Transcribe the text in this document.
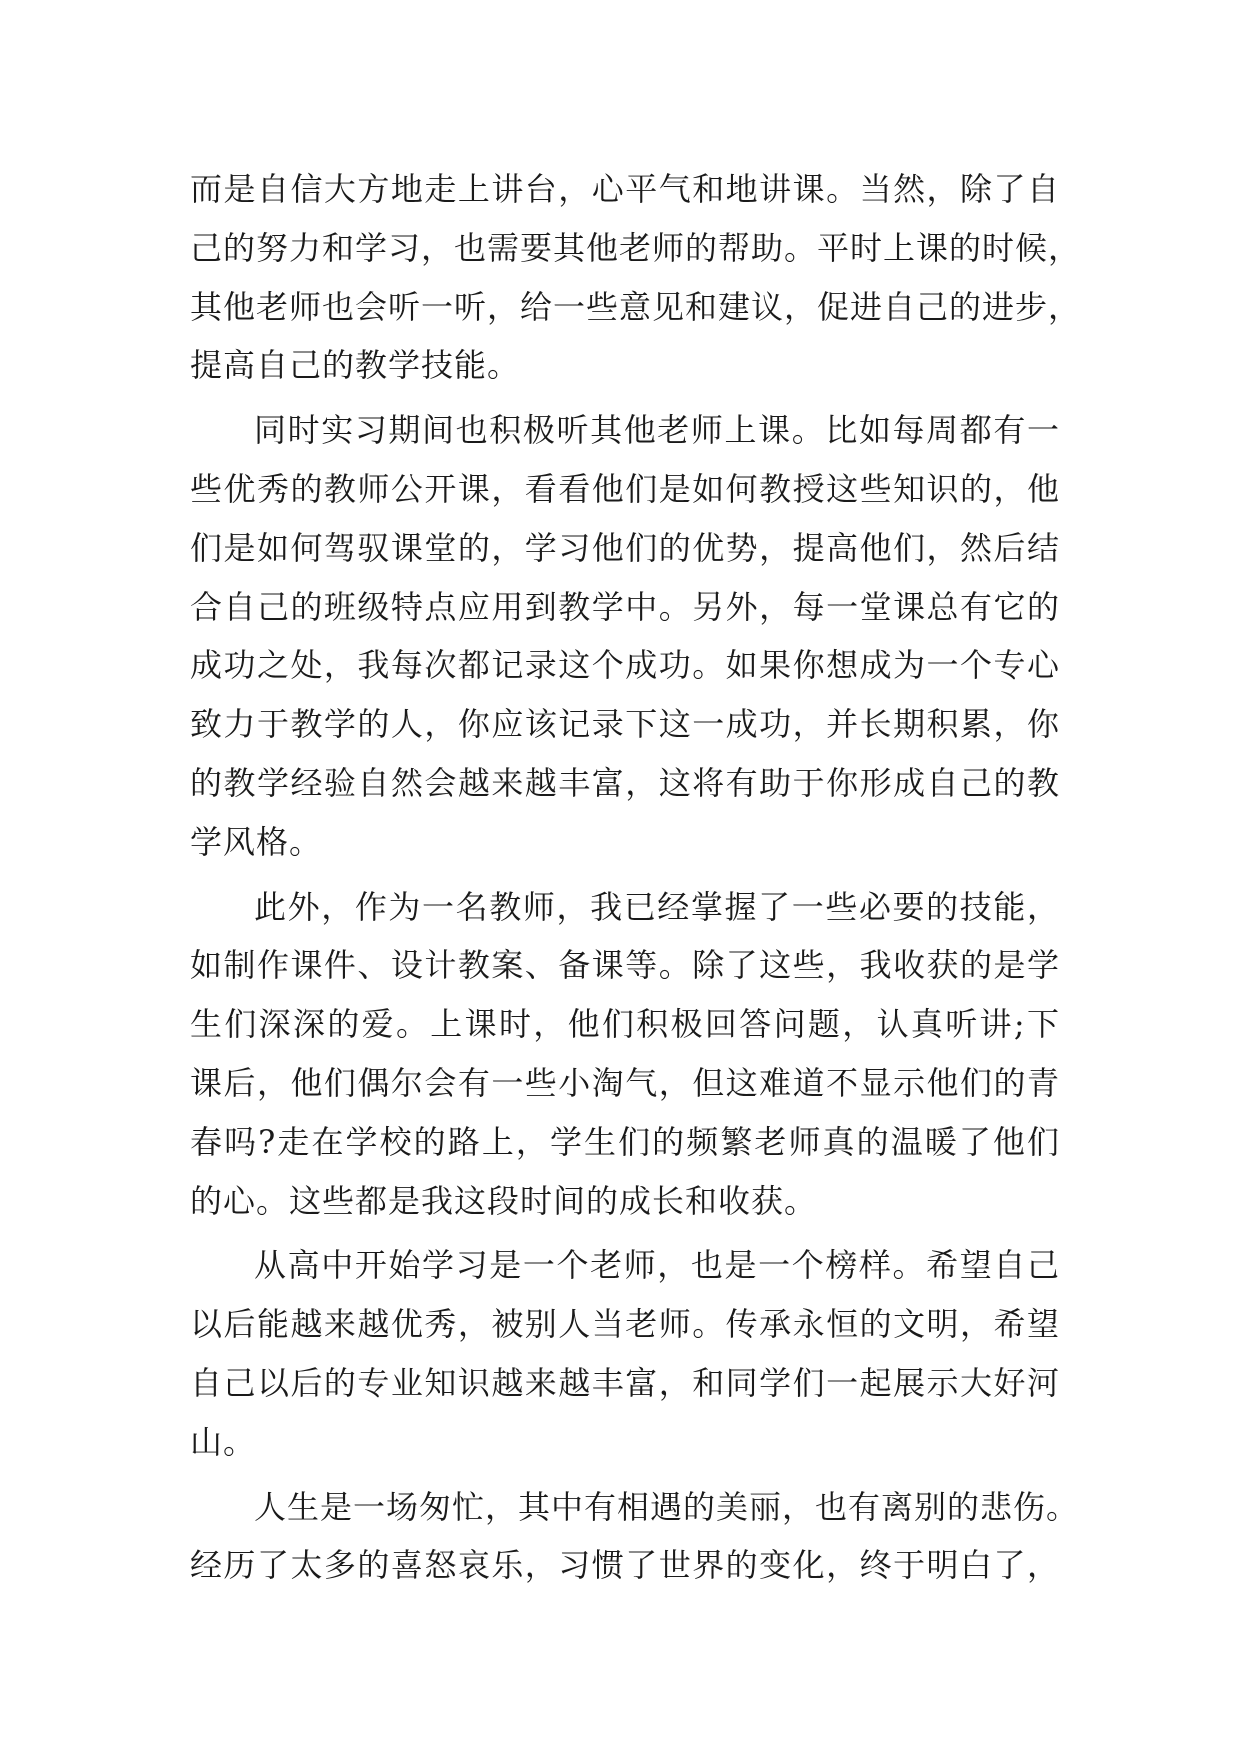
而是自信大方地走上讲台，心平气和地讲课。当然，除了自
己的努力和学习，也需要其他老师的帮助。平时上课的时候，
其他老师也会听一听，给一些意见和建议，促进自己的进步，
提高自己的教学技能。
同时实习期间也积极听其他老师上课。比如每周都有一
些优秀的教师公开课，看看他们是如何教授这些知识的，他
们是如何驾驭课堂的，学习他们的优势，提高他们，然后结
合自己的班级特点应用到教学中。另外，每一堂课总有它的
成功之处，我每次都记录这个成功。如果你想成为一个专心
致力于教学的人，你应该记录下这一成功，并长期积累，你
的教学经验自然会越来越丰富，这将有助于你形成自己的教
学风格。
此外，作为一名教师，我已经掌握了一些必要的技能，
如制作课件、设计教案、备课等。除了这些，我收获的是学
生们深深的爱。上课时，他们积极回答问题，认真听讲;下
课后，他们偶尔会有一些小淘气，但这难道不显示他们的青
春吗?走在学校的路上，学生们的频繁老师真的温暖了他们
的心。这些都是我这段时间的成长和收获。
从高中开始学习是一个老师，也是一个榜样。希望自己
以后能越来越优秀，被别人当老师。传承永恒的文明，希望
自己以后的专业知识越来越丰富，和同学们一起展示大好河
山。
人生是一场匆忙，其中有相遇的美丽，也有离别的悲伤。
经历了太多的喜怒哀乐，习惯了世界的变化，终于明白了，
